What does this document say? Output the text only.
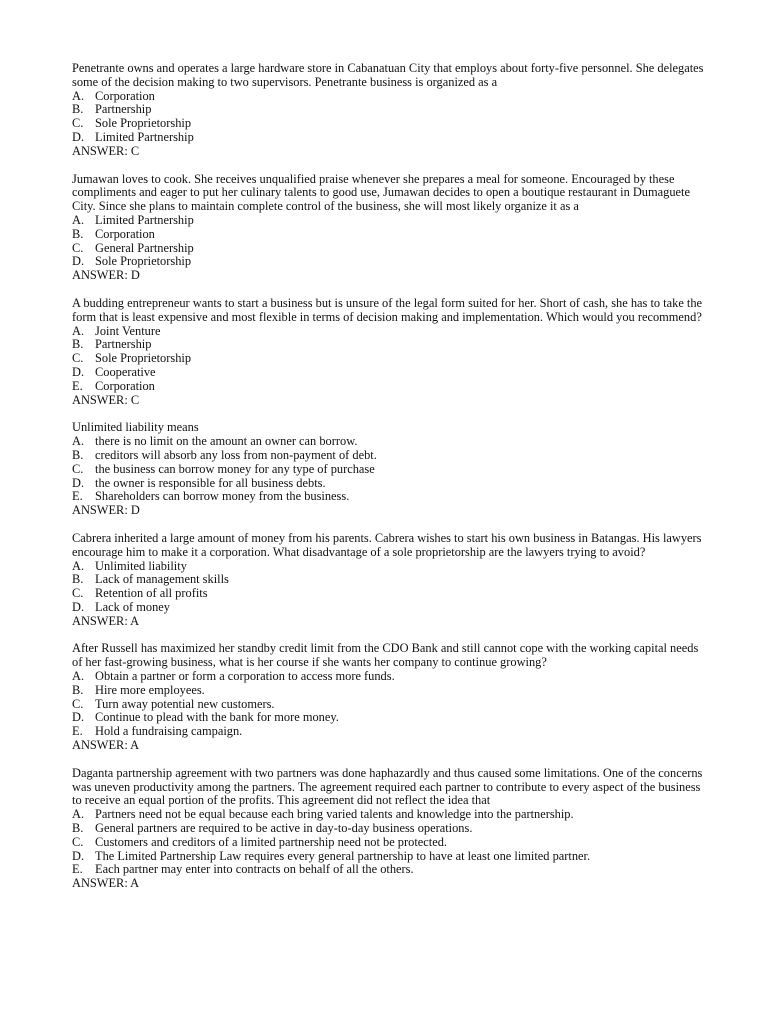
Penetrante owns and operates a large hardware store in Cabanatuan City that employs about forty-five personnel. She delegates some of the decision making to two supervisors. Penetrante business is organized as a

A. Corporation
B. Partnership
C. Sole Proprietorship
D. Limited Partnership

ANSWER: C

Jumawan loves to cook. She receives unqualified praise whenever she prepares a meal for someone. Encouraged by these compliments and eager to put her culinary talents to good use, Jumawan decides to open a boutique restaurant in Dumaguete City. Since she plans to maintain complete control of the business, she will most likely organize it as a

A. Limited Partnership
B. Corporation
C. General Partnership
D. Sole Proprietorship

ANSWER: D

A budding entrepreneur wants to start a business but is unsure of the legal form suited for her. Short of cash, she has to take the form that is least expensive and most flexible in terms of decision making and implementation. Which would you recommend?

A. Joint Venture
B. Partnership
C. Sole Proprietorship
D. Cooperative
E. Corporation

ANSWER: C

Unlimited liability means

A. there is no limit on the amount an owner can borrow.
B. creditors will absorb any loss from non-payment of debt.
C. the business can borrow money for any type of purchase
D. the owner is responsible for all business debts.
E. Shareholders can borrow money from the business.

ANSWER: D

Cabrera inherited a large amount of money from his parents. Cabrera wishes to start his own business in Batangas. His lawyers encourage him to make it a corporation. What disadvantage of a sole proprietorship are the lawyers trying to avoid?

A. Unlimited liability
B. Lack of management skills
C. Retention of all profits
D. Lack of money

ANSWER: A

After Russell has maximized her standby credit limit from the CDO Bank and still cannot cope with the working capital needs of her fast-growing business, what is her course if she wants her company to continue growing?

A. Obtain a partner or form a corporation to access more funds.
B. Hire more employees.
C. Turn away potential new customers.
D. Continue to plead with the bank for more money.
E. Hold a fundraising campaign.

ANSWER: A

Daganta partnership agreement with two partners was done haphazardly and thus caused some limitations. One of the concerns was uneven productivity among the partners. The agreement required each partner to contribute to every aspect of the business to receive an equal portion of the profits. This agreement did not reflect the idea that

A. Partners need not be equal because each bring varied talents and knowledge into the partnership.
B. General partners are required to be active in day-to-day business operations.
C. Customers and creditors of a limited partnership need not be protected.
D. The Limited Partnership Law requires every general partnership to have at least one limited partner.
E. Each partner may enter into contracts on behalf of all the others.

ANSWER: A
